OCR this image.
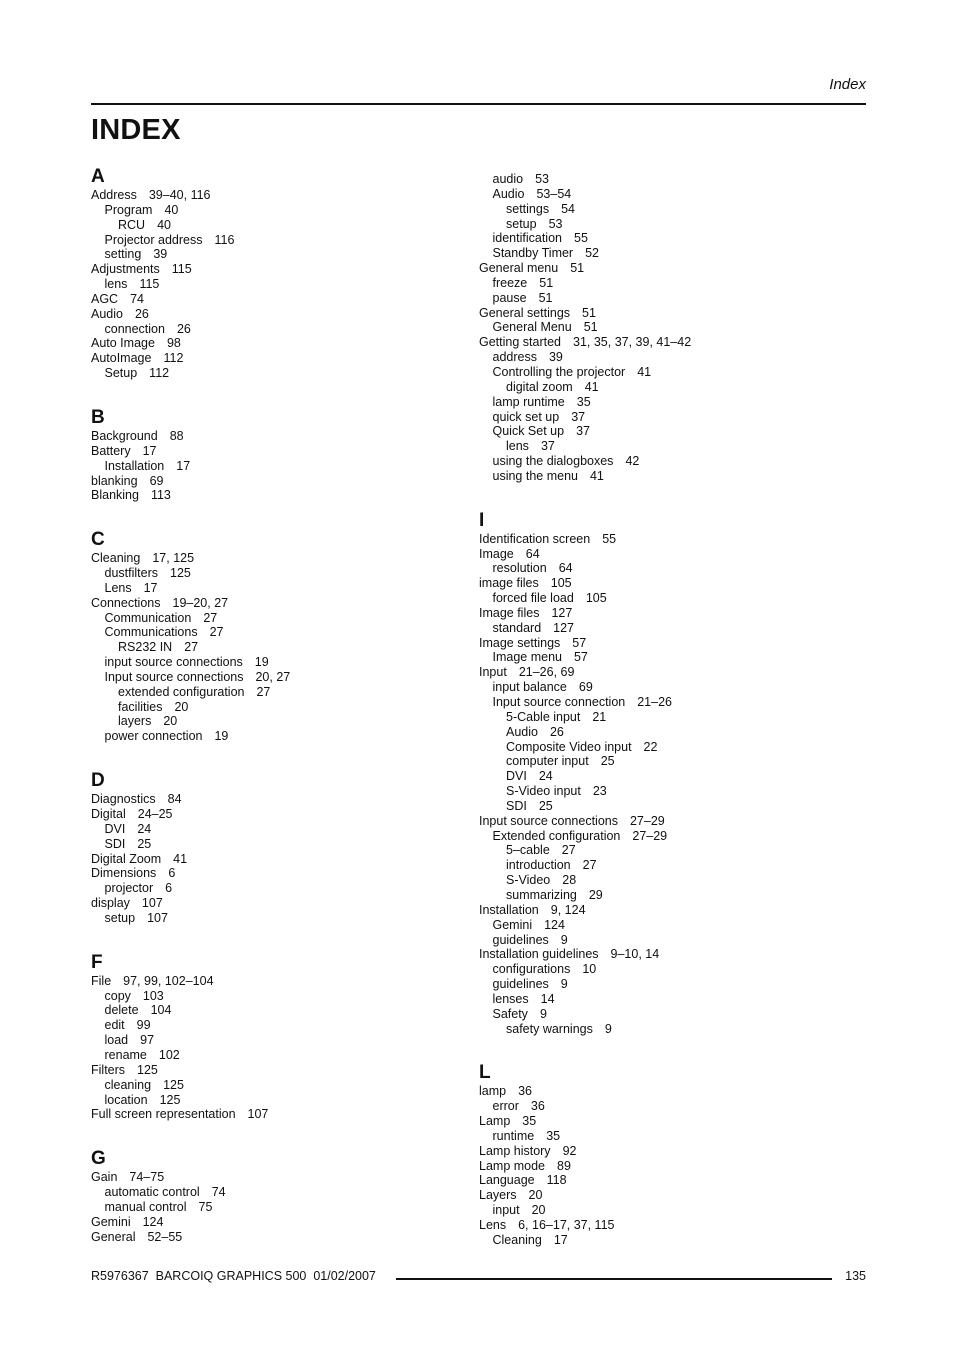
Index
INDEX
A
Address 39–40, 116
Program 40
RCU 40
Projector address 116
setting 39
Adjustments 115
lens 115
AGC 74
Audio 26
connection 26
Auto Image 98
AutoImage 112
Setup 112
B
Background 88
Battery 17
Installation 17
blanking 69
Blanking 113
C
Cleaning 17, 125
dustfilters 125
Lens 17
Connections 19–20, 27
Communication 27
Communications 27
RS232 IN 27
input source connections 19
Input source connections 20, 27
extended configuration 27
facilities 20
layers 20
power connection 19
D
Diagnostics 84
Digital 24–25
DVI 24
SDI 25
Digital Zoom 41
Dimensions 6
projector 6
display 107
setup 107
F
File 97, 99, 102–104
copy 103
delete 104
edit 99
load 97
rename 102
Filters 125
cleaning 125
location 125
Full screen representation 107
G
Gain 74–75
automatic control 74
manual control 75
Gemini 124
General 52–55
audio 53
Audio 53–54
settings 54
setup 53
identification 55
Standby Timer 52
General menu 51
freeze 51
pause 51
General settings 51
General Menu 51
Getting started 31, 35, 37, 39, 41–42
address 39
Controlling the projector 41
digital zoom 41
lamp runtime 35
quick set up 37
Quick Set up 37
lens 37
using the dialogboxes 42
using the menu 41
I
Identification screen 55
Image 64
resolution 64
image files 105
forced file load 105
Image files 127
standard 127
Image settings 57
Image menu 57
Input 21–26, 69
input balance 69
Input source connection 21–26
5-Cable input 21
Audio 26
Composite Video input 22
computer input 25
DVI 24
S-Video input 23
SDI 25
Input source connections 27–29
Extended configuration 27–29
5–cable 27
introduction 27
S-Video 28
summarizing 29
Installation 9, 124
Gemini 124
guidelines 9
Installation guidelines 9–10, 14
configurations 10
guidelines 9
lenses 14
Safety 9
safety warnings 9
L
lamp 36
error 36
Lamp 35
runtime 35
Lamp history 92
Lamp mode 89
Language 118
Layers 20
input 20
Lens 6, 16–17, 37, 115
Cleaning 17
R5976367  BARCOIQ GRAPHICS 500  01/02/2007	135
